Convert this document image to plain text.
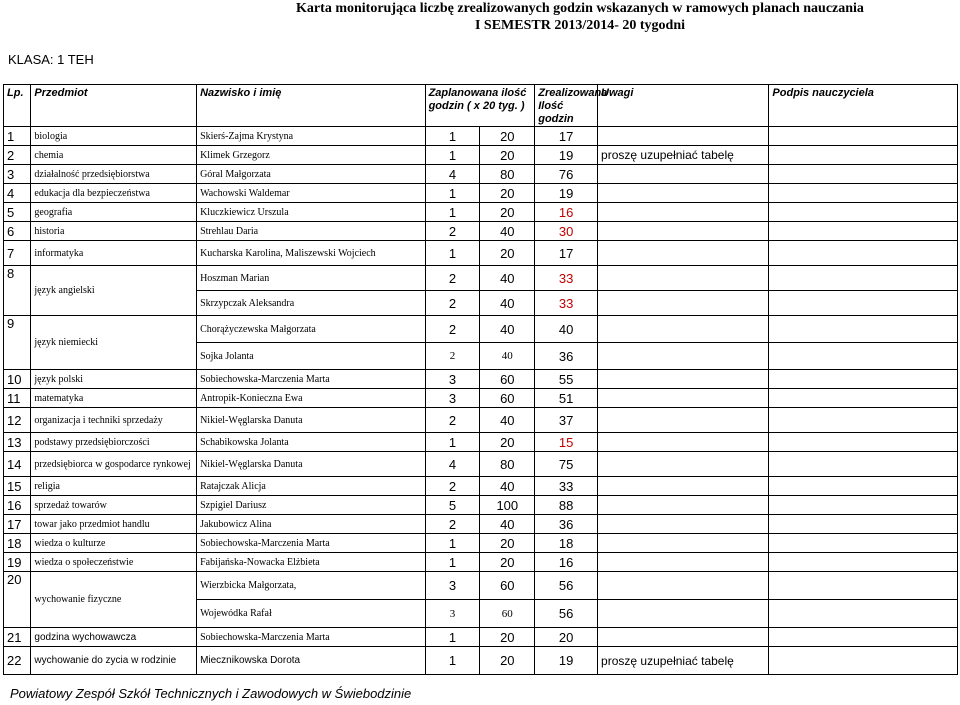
Karta monitorująca liczbę zrealizowanych godzin wskazanych w ramowych planach nauczania
I SEMESTR 2013/2014- 20 tygodni
KLASA: 1 TEH
Lp.	Przedmiot	Nazwisko i imię	Zaplanowana ilość godzin ( x 20 tyg. )		Zrealizowana Ilość godzin	Uwagi	Podpis nauczyciela
1	biologia	Skierś-Zajma Krystyna	1	20	17		
2	chemia	Klimek Grzegorz	1	20	19	proszę uzupełniać tabelę	
3	działalność przedsiębiorstwa	Góral Małgorzata	4	80	76		
4	edukacja dla bezpieczeństwa	Wachowski Waldemar	1	20	19		
5	geografia	Kluczkiewicz Urszula	1	20	16		
6	historia	Strehlau Daria	2	40	30		
7	informatyka	Kucharska Karolina, Maliszewski Wojciech	1	20	17		
8	język angielski	Hoszman Marian	2	40	33		
		Skrzypczak Aleksandra	2	40	33		
9	język niemiecki	Chorążyczewska Małgorzata	2	40	40		
		Sojka Jolanta	2	40	36		
10	język polski	Sobiechowska-Marczenia Marta	3	60	55		
11	matematyka	Antropik-Konieczna Ewa	3	60	51		
12	organizacja i techniki sprzedaży	Nikiel-Węglarska Danuta	2	40	37		
13	podstawy przedsiębiorczości	Schabikowska Jolanta	1	20	15		
14	przedsiębiorca w gospodarce rynkowej	Nikiel-Węglarska Danuta	4	80	75		
15	religia	Ratajczak Alicja	2	40	33		
16	sprzedaż towarów	Szpigiel Dariusz	5	100	88		
17	towar jako przedmiot handlu	Jakubowicz Alina	2	40	36		
18	wiedza o kulturze	Sobiechowska-Marczenia Marta	1	20	18		
19	wiedza o społeczeństwie	Fabijańska-Nowacka Elżbieta	1	20	16		
20	wychowanie fizyczne	Wierzbicka Małgorzata,	3	60	56		
		Wojewódka Rafał	3	60	56		
21	godzina wychowawcza	Sobiechowska-Marczenia Marta	1	20	20		
22	wychowanie do zycia w rodzinie	Miecznikowska Dorota	1	20	19	proszę uzupełniać tabelę	
Powiatowy Zespół Szkół Technicznych i Zawodowych w Świebodzinie
